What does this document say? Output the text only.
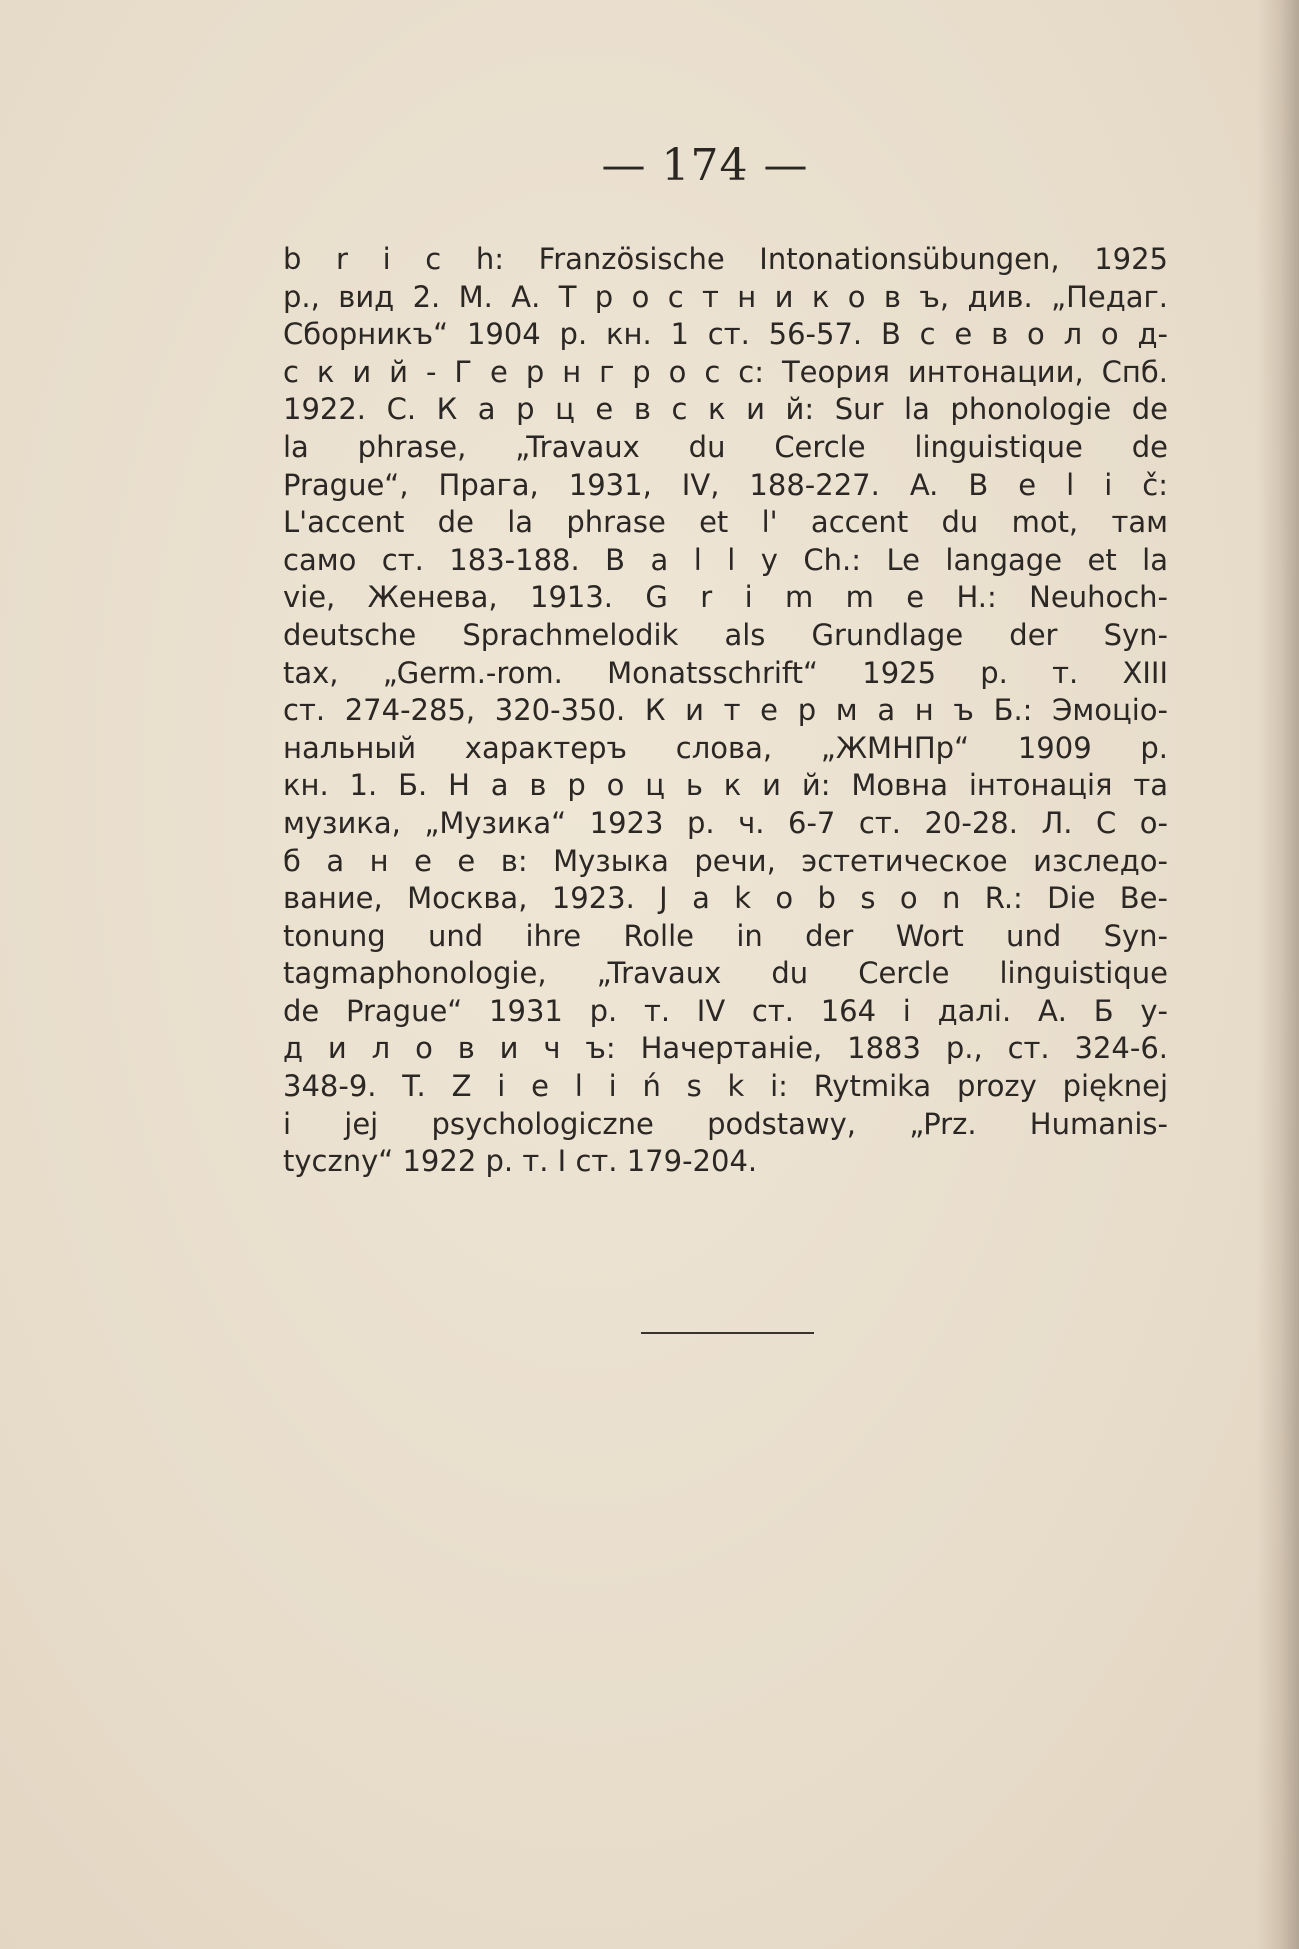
— 174 —
b r i c h: Französische Intonationsübungen, 1925
p., вид 2. М. А. Т р о с т н и к о в ъ, див. „Педаг.
Сборникъ“ 1904 р. кн. 1 ст. 56-57. В с е в о л о д-
с к и й - Г е р н г р о с с: Теория интонации, Спб.
1922. С. К а р ц е в с к и й: Sur la phonologie de
la phrase, „Travaux du Cercle linguistique de
Prague“, Прага, 1931, IV, 188-227. A. B e l i č:
L'accent de la phrase et l' accent du mot, там
само ст. 183-188. B a l l y Ch.: Le langage et la
vie, Женева, 1913. G r i m m e H.: Neuhoch-
deutsche Sprachmelodik als Grundlage der Syn-
tax, „Germ.-rom. Monatsschrift“ 1925 p. т. XIII
ст. 274-285, 320-350. К и т е р м а н ъ Б.: Эмоціо-
нальный характеръ слова, „ЖМНПр“ 1909 р.
кн. 1. Б. Н а в р о ц ь к и й: Мовна інтонація та
музика, „Музика“ 1923 р. ч. 6-7 ст. 20-28. Л. С о-
б а н е е в: Музыка речи, эстетическое изследо-
вание, Москва, 1923. J a k o b s o n R.: Die Be-
tonung und ihre Rolle in der Wort und Syn-
tagmaphonologie, „Travaux du Cercle linguistique
de Prague“ 1931 p. т. IV ст. 164 і далі. А. Б у-
д и л о в и ч ъ: Начертаніе, 1883 р., ст. 324-6.
348-9. T. Z i e l i ń s k i: Rytmika prozy pięknej
i jej psychologiczne podstawy, „Prz. Humanis-
tyczny“ 1922 p. т. I ст. 179-204.
